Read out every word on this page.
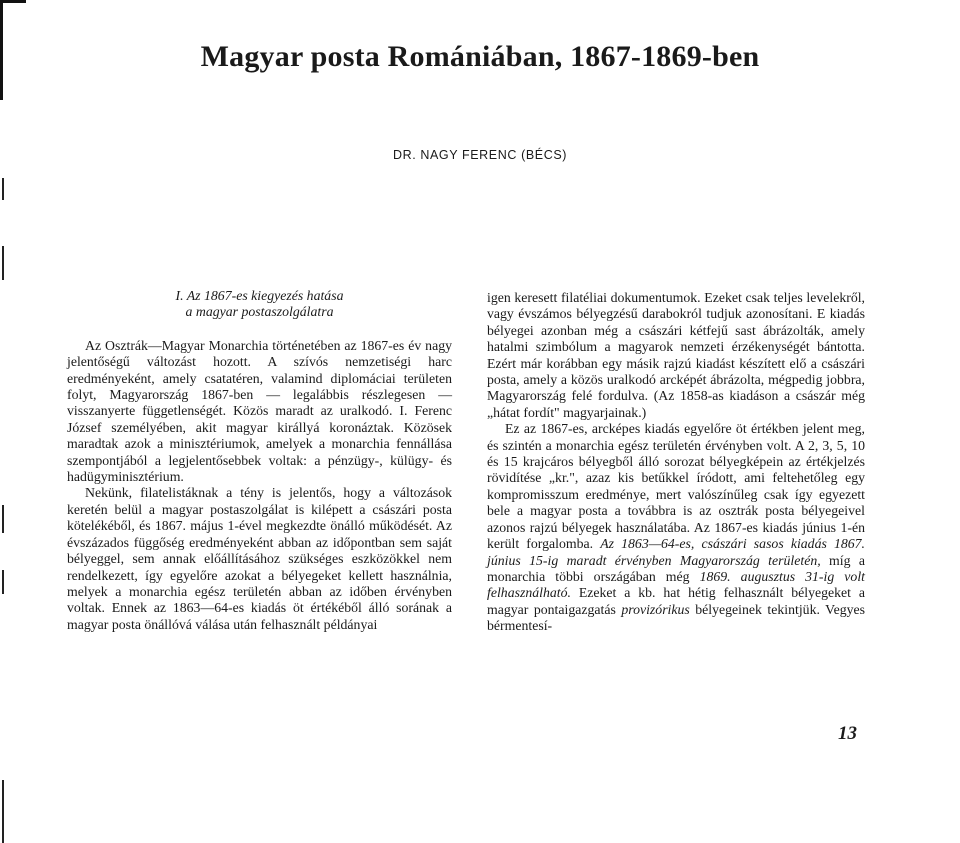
Magyar posta Romániában, 1867-1869-ben
DR. NAGY FERENC (BÉCS)
I. Az 1867-es kiegyezés hatása
a magyar postaszolgálatra

Az Osztrák—Magyar Monarchia történetében az 1867-es év nagy jelentőségű változást hozott. A szívós nemzetiségi harc eredményeként, amely csatatéren, valamind diplomáciai területen folyt, Magyarország 1867-ben — legalábbis részlegesen — visszanyerte függetlenségét. Közös maradt az uralkodó. I. Ferenc József személyében, akit magyar királlyá koronáztak. Közösek maradtak azok a minisztériumok, amelyek a monarchia fennállása szempontjából a legjelentősebbek voltak: a pénzügy-, külügy- és hadügyminisztérium.

Nekünk, filatelistáknak a tény is jelentős, hogy a változások keretén belül a magyar postaszolgálat is kilépett a császári posta kötelékéből, és 1867. május 1-ével megkezdte önálló működését. Az évszázados függőség eredményeként abban az időpontban sem saját bélyeggel, sem annak előállításához szükséges eszközökkel nem rendelkezett, így egyelőre azokat a bélyegeket kellett használnia, melyek a monarchia egész területén abban az időben érvényben voltak. Ennek az 1863—64-es kiadás öt értékéből álló sorának a magyar posta önállóvá válása után felhasznált példányai

igen keresett filatéliai dokumentumok. Ezeket csak teljes levelekről, vagy évszámos bélyegzésű darabokról tudjuk azonosítani. E kiadás bélyegei azonban még a császári kétfejű sast ábrázolták, amely hatalmi szimbólum a magyarok nemzeti érzékenységét bántotta. Ezért már korábban egy másik rajzú kiadást készített elő a császári posta, amely a közös uralkodó arcképét ábrázolta, mégpedig jobbra, Magyarország felé fordulva. (Az 1858-as kiadáson a császár még „hátat fordít" magyarjainak.)

Ez az 1867-es, arcképes kiadás egyelőre öt értékben jelent meg, és szintén a monarchia egész területén érvényben volt. A 2, 3, 5, 10 és 15 krajcáros bélyegből álló sorozat bélyegképein az értékjelzés rövidítése „kr.", azaz kis betűkkel íródott, ami feltehetőleg egy kompromisszum eredménye, mert valószínűleg csak így egyezett bele a magyar posta a továbbra is az osztrák posta bélyegeivel azonos rajzú bélyegek használatába. Az 1867-es kiadás június 1-én került forgalomba. Az 1863—64-es, császári sasos kiadás 1867. június 15-ig maradt érvényben Magyarország területén, míg a monarchia többi országában még 1869. augusztus 31-ig volt felhasználható. Ezeket a kb. hat hétig felhasznált bélyegeket a magyar pontaigazgatás provizórikus bélyegeinek tekintjük. Vegyes bérmentesí-

13
